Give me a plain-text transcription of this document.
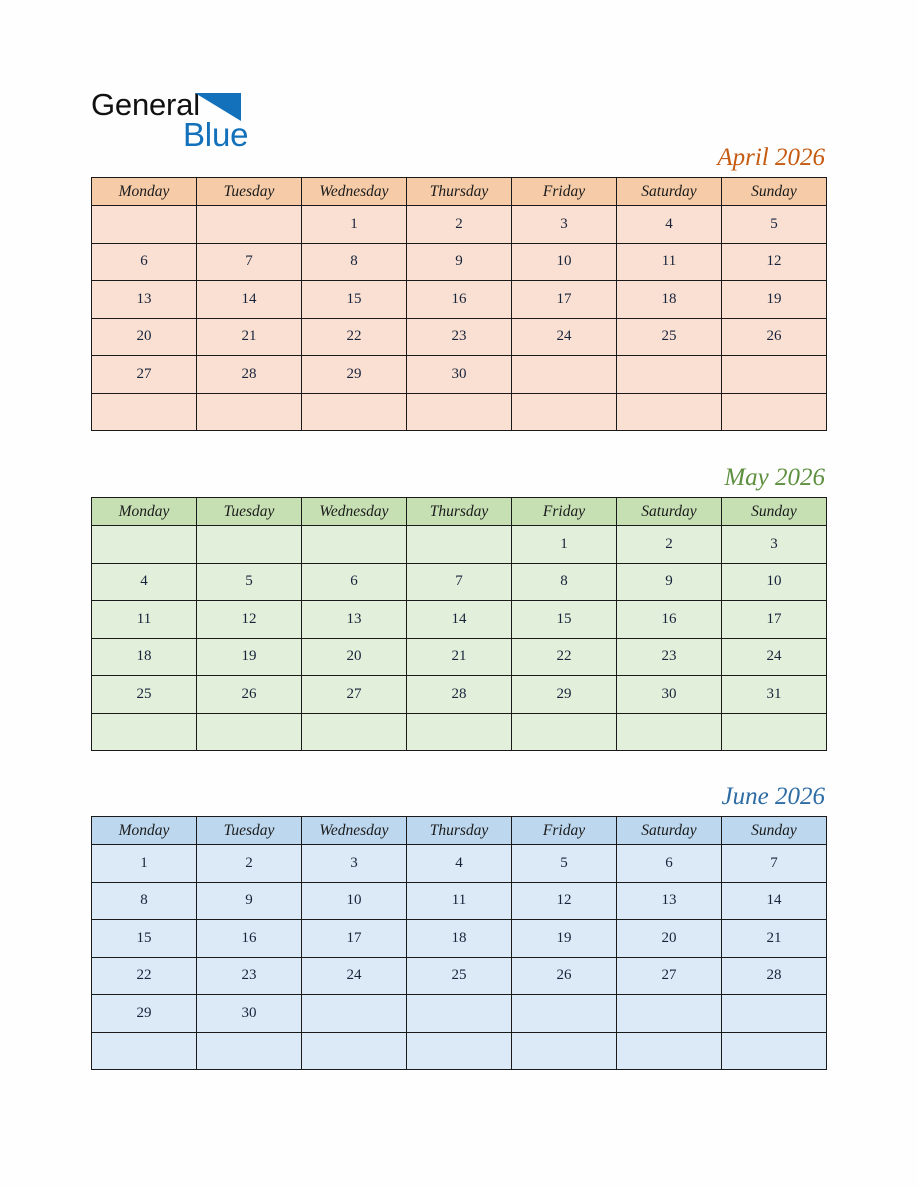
General
Blue
April 2026
Monday	Tuesday	Wednesday	Thursday	Friday	Saturday	Sunday
		1	2	3	4	5
6	7	8	9	10	11	12
13	14	15	16	17	18	19
20	21	22	23	24	25	26
27	28	29	30			

May 2026
Monday	Tuesday	Wednesday	Thursday	Friday	Saturday	Sunday
				1	2	3
4	5	6	7	8	9	10
11	12	13	14	15	16	17
18	19	20	21	22	23	24
25	26	27	28	29	30	31

June 2026
Monday	Tuesday	Wednesday	Thursday	Friday	Saturday	Sunday
1	2	3	4	5	6	7
8	9	10	11	12	13	14
15	16	17	18	19	20	21
22	23	24	25	26	27	28
29	30					
